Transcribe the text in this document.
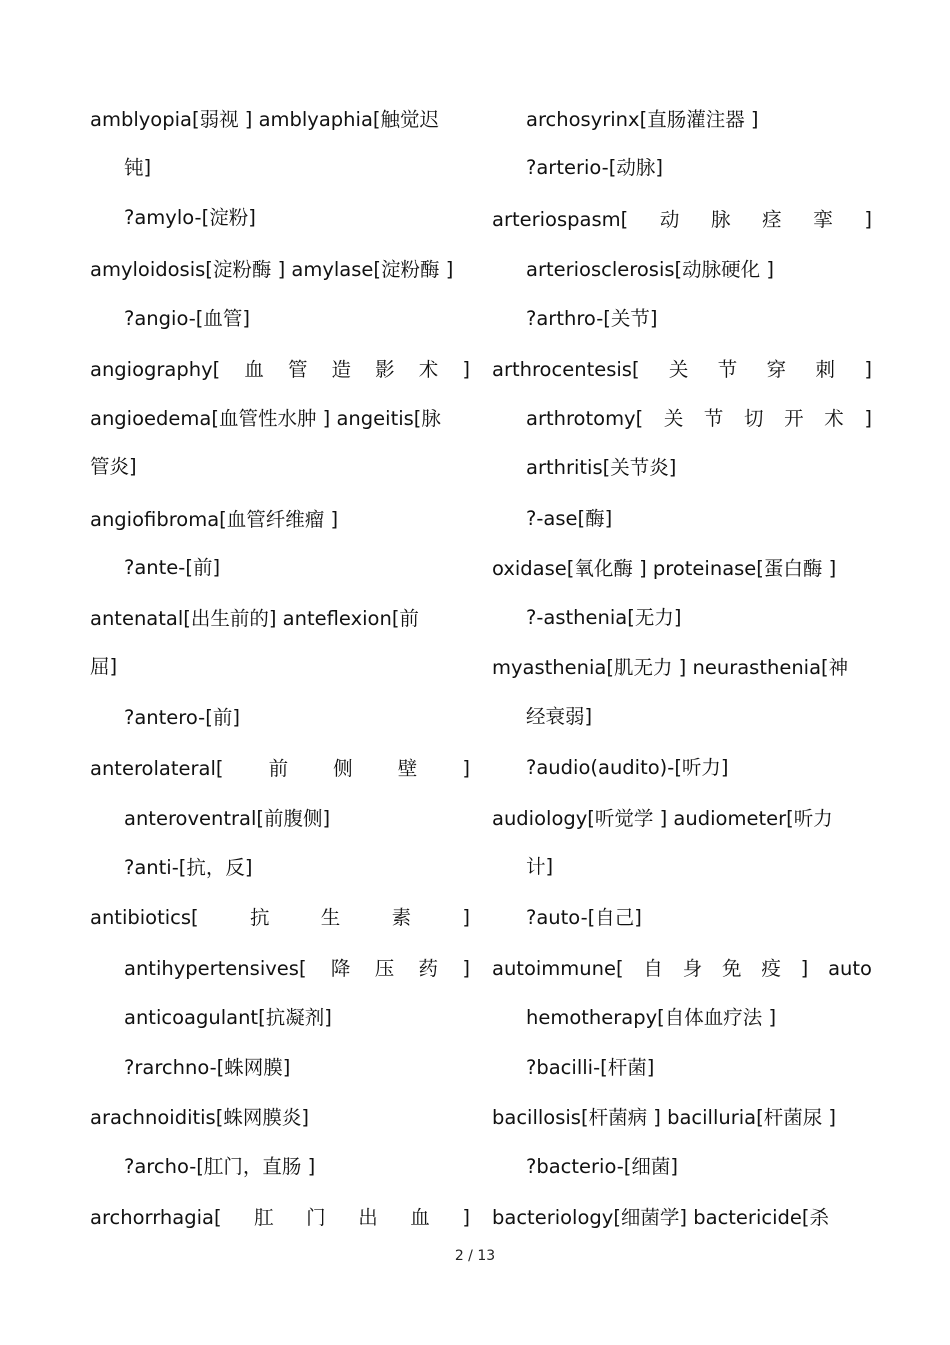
amblyopia[弱视 ] amblyaphia[触觉迟
钝]
?amylo-[淀粉]
amyloidosis[淀粉酶 ] amylase[淀粉酶 ]
?angio-[血管]
angiography[ 血 管 造 影 术 ]
angioedema[血管性水肿 ] angeitis[脉
管炎]
angiofibroma[血管纤维瘤 ]
?ante-[前]
antenatal[出生前的] anteflexion[前
屈]
?antero-[前]
anterolateral[ 前 侧 壁 ]
anteroventral[前腹侧]
?anti-[抗，反]
antibiotics[	抗	生	素	]
antihypertensives[ 降 压 药 ]
anticoagulant[抗凝剂]
?rarchno-[蛛网膜]
arachnoiditis[蛛网膜炎]
?archo-[肛门，直肠 ]
archorrhagia[ 肛 门 出 血 ]
archosyrinx[直肠灌注器 ]
?arterio-[动脉]
arteriospasm[ 动 脉 痉 挛 ]
arteriosclerosis[动脉硬化 ]
?arthro-[关节]
arthrocentesis[ 关 节 穿 刺 ]
arthrotomy[ 关 节 切 开 术 ]
arthritis[关节炎]
?-ase[酶]
oxidase[氧化酶 ] proteinase[蛋白酶 ]
?-asthenia[无力]
myasthenia[肌无力 ] neurasthenia[神
经衰弱]
?audio(audito)-[听力]
audiology[听觉学 ] audiometer[听力
计]
?auto-[自己]
autoimmune[ 自 身 免 疫 ] auto
hemotherapy[自体血疗法 ]
?bacilli-[杆菌]
bacillosis[杆菌病 ] bacilluria[杆菌尿 ]
?bacterio-[细菌]
bacteriology[细菌学] bactericide[杀
2 / 13
